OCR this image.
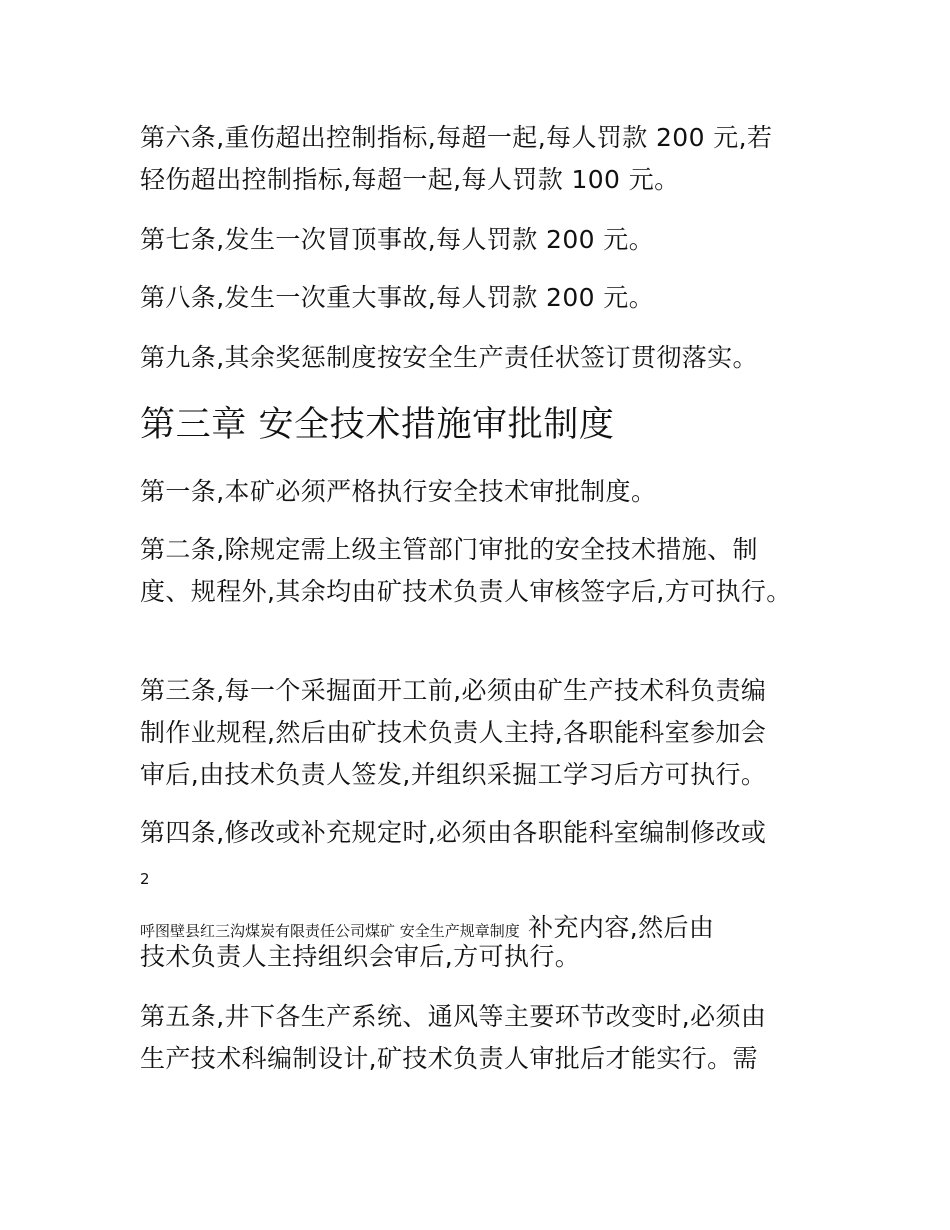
第六条,重伤超出控制指标,每超一起,每人罚款 200 元,若
轻伤超出控制指标,每超一起,每人罚款 100 元。
第七条,发生一次冒顶事故,每人罚款 200 元。
第八条,发生一次重大事故,每人罚款 200 元。
第九条,其余奖惩制度按安全生产责任状签订贯彻落实。
第三章 安全技术措施审批制度
第一条,本矿必须严格执行安全技术审批制度。
第二条,除规定需上级主管部门审批的安全技术措施、制
度、规程外,其余均由矿技术负责人审核签字后,方可执行。
第三条,每一个采掘面开工前,必须由矿生产技术科负责编
制作业规程,然后由矿技术负责人主持,各职能科室参加会
审后,由技术负责人签发,并组织采掘工学习后方可执行。
第四条,修改或补充规定时,必须由各职能科室编制修改或
2
呼图壁县红三沟煤炭有限责任公司煤矿 安全生产规章制度 补充内容,然后由
技术负责人主持组织会审后,方可执行。
第五条,井下各生产系统、通风等主要环节改变时,必须由
生产技术科编制设计,矿技术负责人审批后才能实行。需
